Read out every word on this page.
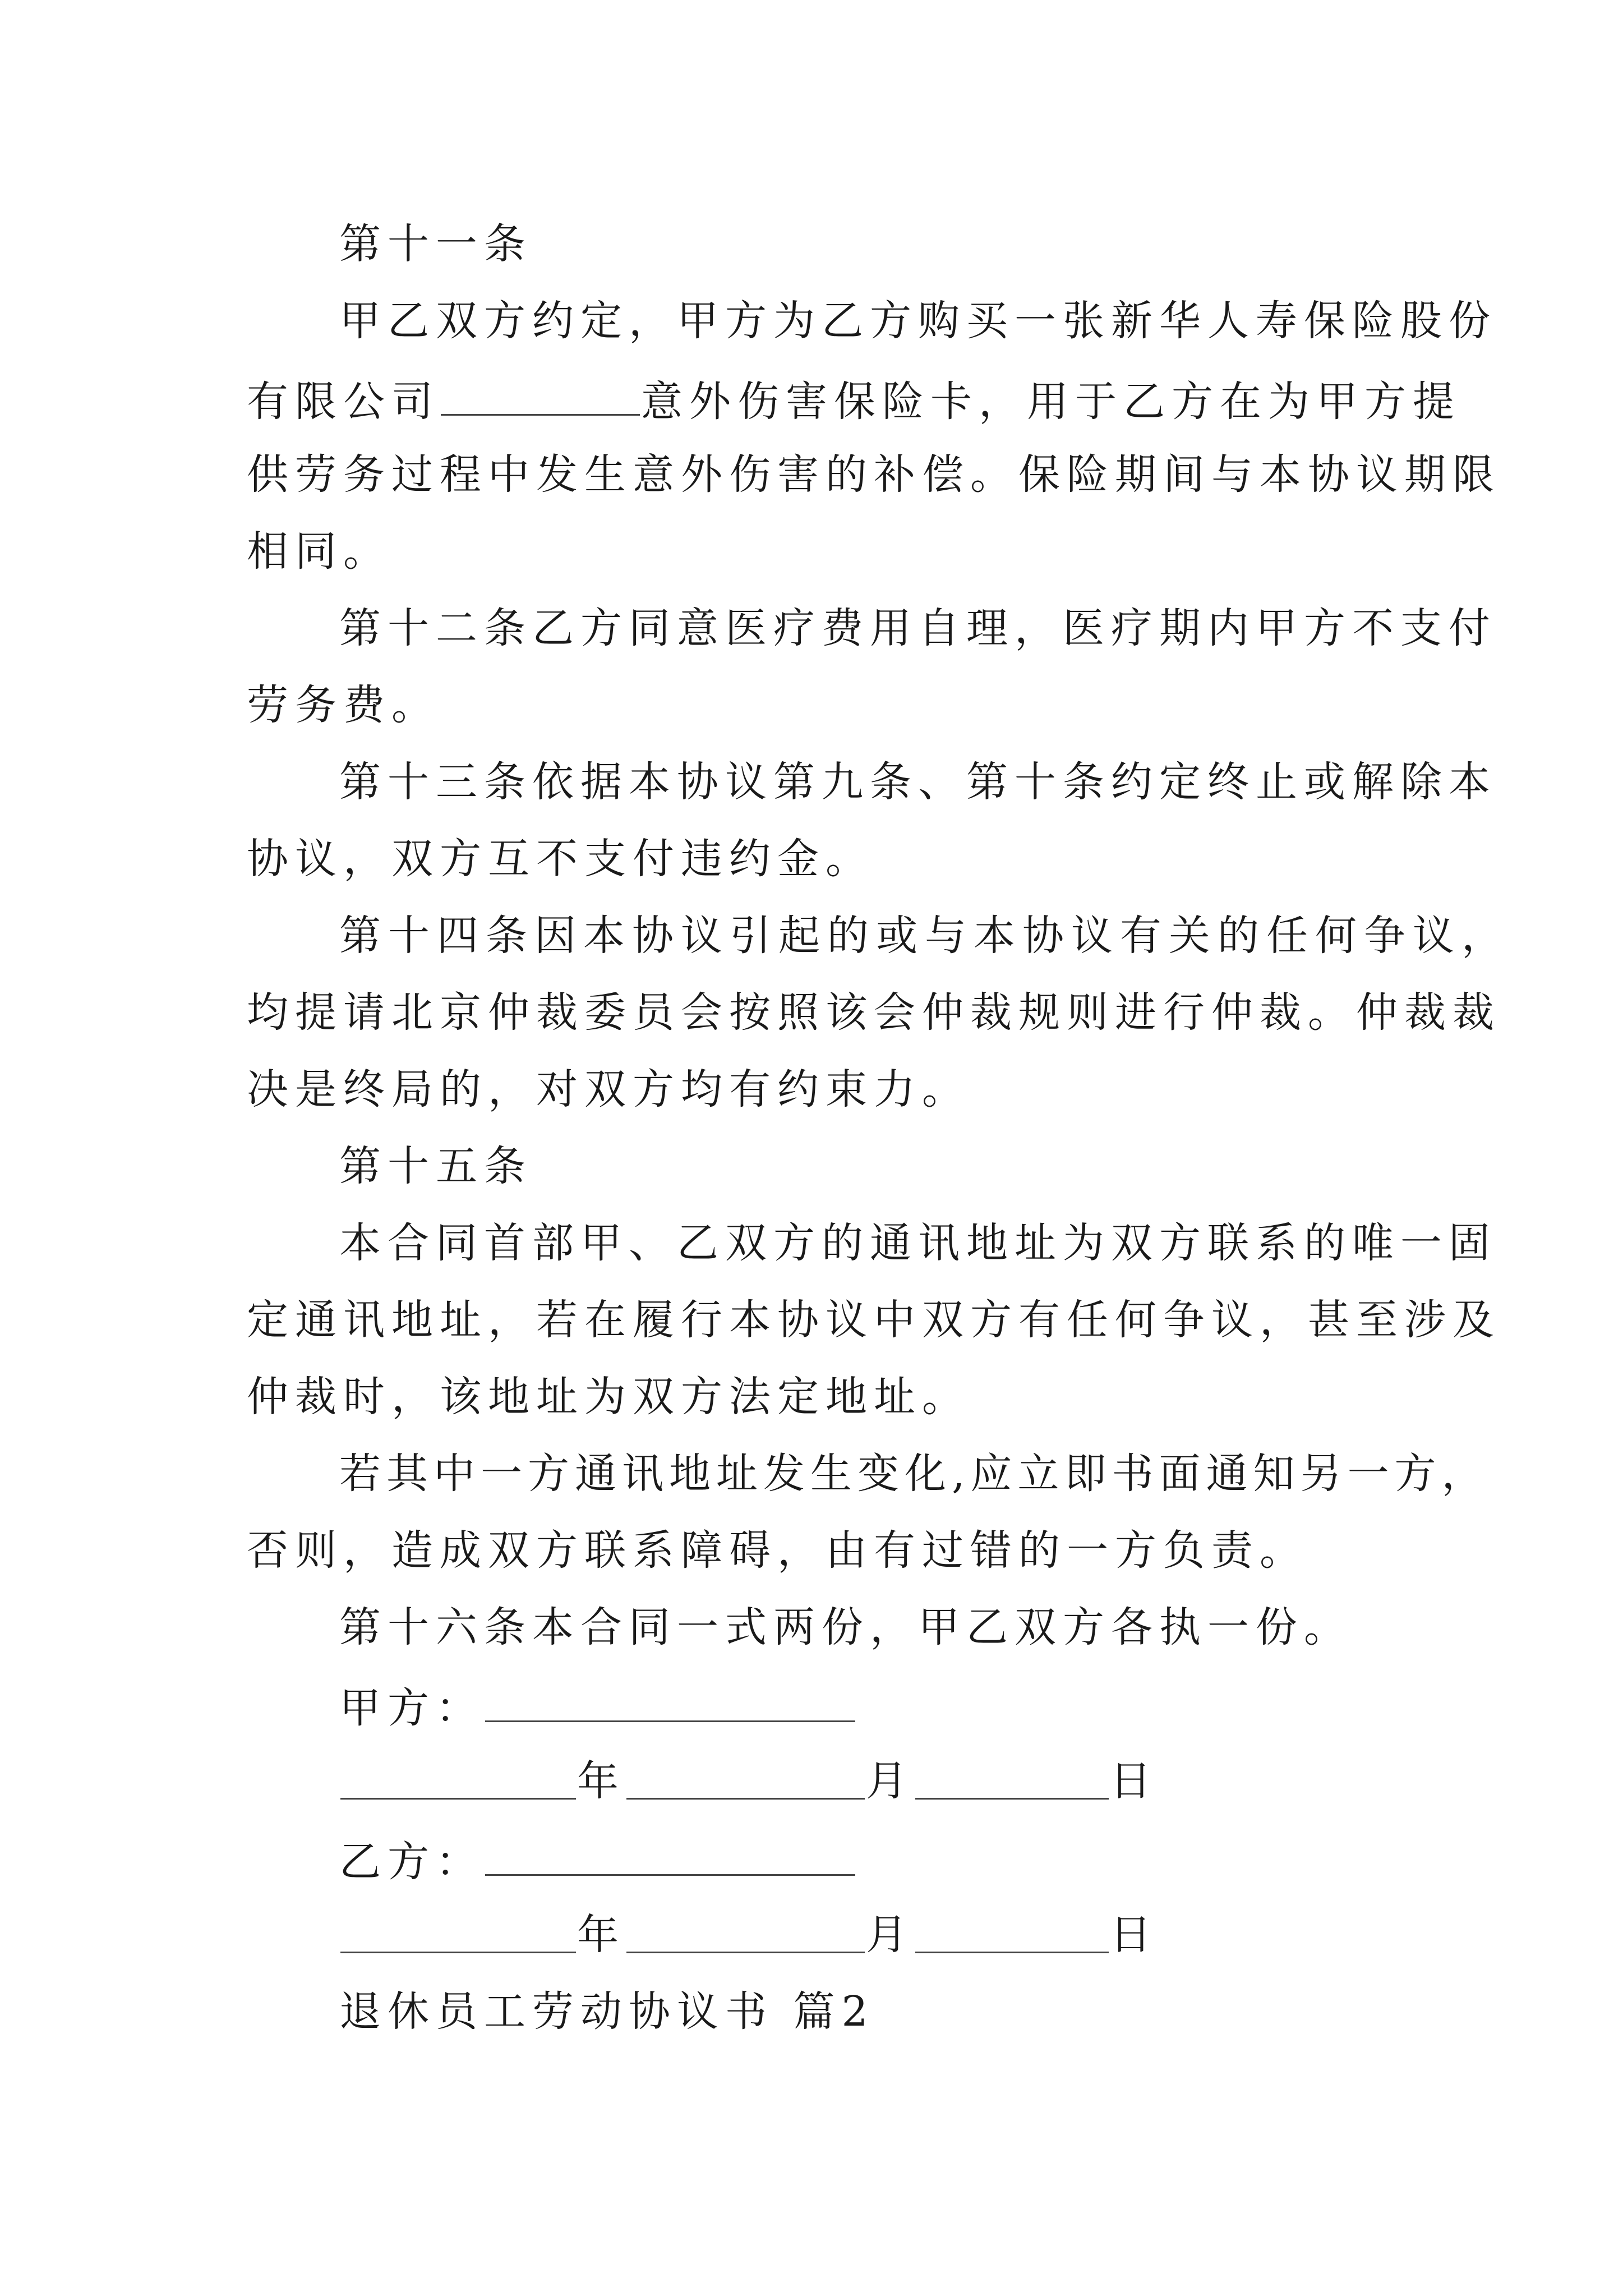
第十一条
甲乙双方约定，甲方为乙方购买一张新华人寿保险股份
有限公司	意外伤害保险卡，用于乙方在为甲方提
供劳务过程中发生意外伤害的补偿。保险期间与本协议期限
相同。
第十二条乙方同意医疗费用自理，医疗期内甲方不支付
劳务费。
第十三条依据本协议第九条、第十条约定终止或解除本
协议，双方互不支付违约金。
第十四条因本协议引起的或与本协议有关的任何争议，
均提请北京仲裁委员会按照该会仲裁规则进行仲裁。仲裁裁
决是终局的，对双方均有约束力。
第十五条
本合同首部甲、乙双方的通讯地址为双方联系的唯一固
定通讯地址，若在履行本协议中双方有任何争议，甚至涉及
仲裁时，该地址为双方法定地址。
若其中一方通讯地址发生变化,应立即书面通知另一方，
否则，造成双方联系障碍，由有过错的一方负责。
第十六条本合同一式两份，甲乙双方各执一份。
甲方：
年	月	日
乙方：
年	月	日
退休员工劳动协议书 篇2
